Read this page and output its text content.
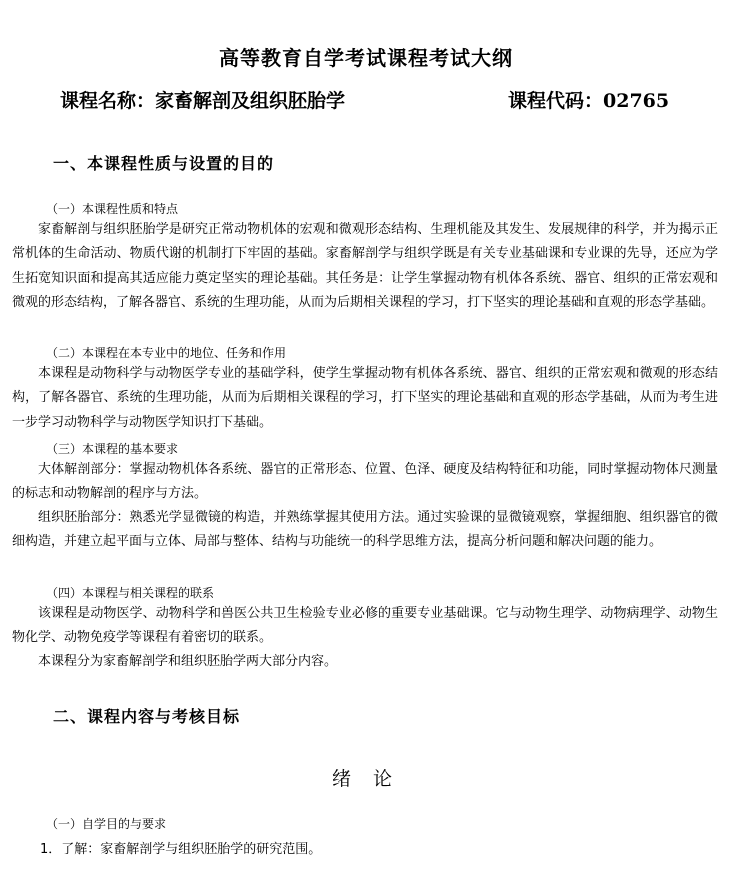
高等教育自学考试课程考试大纲
课程名称：家畜解剖及组织胚胎学	课程代码：02765
一、本课程性质与设置的目的
（一）本课程性质和特点

家畜解剖与组织胚胎学是研究正常动物机体的宏观和微观形态结构、生理机能及其发生、发展规律的科学，并为揭示正常机体的生命活动、物质代谢的机制打下牢固的基础。家畜解剖学与组织学既是有关专业基础课和专业课的先导，还应为学生拓宽知识面和提高其适应能力奠定坚实的理论基础。其任务是：让学生掌握动物有机体各系统、器官、组织的正常宏观和微观的形态结构，了解各器官、系统的生理功能，从而为后期相关课程的学习，打下坚实的理论基础和直观的形态学基础。

（二）本课程在本专业中的地位、任务和作用

本课程是动物科学与动物医学专业的基础学科，使学生掌握动物有机体各系统、器官、组织的正常宏观和微观的形态结构，了解各器官、系统的生理功能，从而为后期相关课程的学习，打下坚实的理论基础和直观的形态学基础，从而为考生进一步学习动物科学与动物医学知识打下基础。

（三）本课程的基本要求

大体解剖部分：掌握动物机体各系统、器官的正常形态、位置、色泽、硬度及结构特征和功能，同时掌握动物体尺测量的标志和动物解剖的程序与方法。

组织胚胎部分：熟悉光学显微镜的构造，并熟练掌握其使用方法。通过实验课的显微镜观察，掌握细胞、组织器官的微细构造，并建立起平面与立体、局部与整体、结构与功能统一的科学思维方法，提高分析问题和解决问题的能力。

（四）本课程与相关课程的联系

该课程是动物医学、动物科学和兽医公共卫生检验专业必修的重要专业基础课。它与动物生理学、动物病理学、动物生物化学、动物免疫学等课程有着密切的联系。

本课程分为家畜解剖学和组织胚胎学两大部分内容。

二、课程内容与考核目标
绪 论
（一）自学目的与要求
1．了解：家畜解剖学与组织胚胎学的研究范围。
